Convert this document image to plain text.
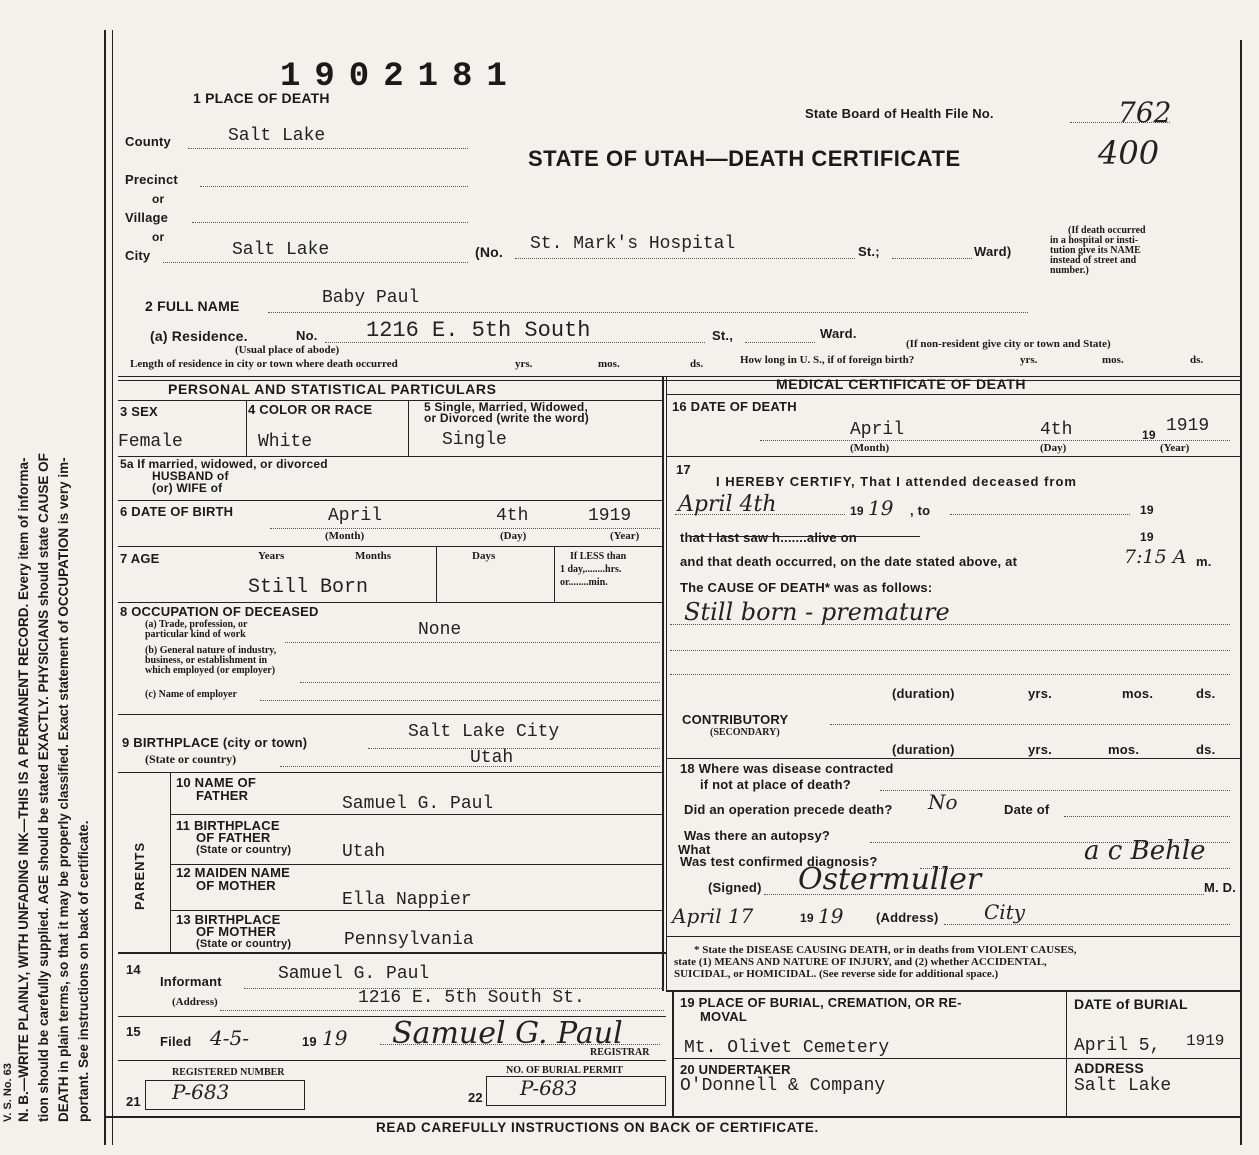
N. B.—WRITE PLAINLY, WITH UNFADING INK—THIS IS A PERMANENT RECORD. Every item of informa- tion should be carefully supplied. AGE should be stated EXACTLY. PHYSICIANS should state CAUSE OF DEATH in plain terms, so that it may be properly classified. Exact statement of OCCUPATION is very im- portant. See instructions on back of certificate.
V. S. No. 63
1902181
1 PLACE OF DEATH
State Board of Health File No.	762
400
STATE OF UTAH—DEATH CERTIFICATE
County	Salt Lake
Precinct
or
Village
or
City	Salt Lake	(No. St. Mark's Hospital	St.;	Ward)
(If death occurred
in a hospital or insti-
tution give its NAME
instead of street and
number.)
2 FULL NAME	Baby Paul
(a) Residence.	No. 1216 E. 5th South	St.,	Ward.
(If non-resident give city or town and State)
(Usual place of abode)
Length of residence in city or town where death occurred	yrs.	mos.	ds.	How long in U. S., if of foreign birth?	yrs.	mos.	ds.
PERSONAL AND STATISTICAL PARTICULARS
3 SEX
Female
4 COLOR OR RACE
White
5 Single, Married, Widowed,
or Divorced (write the word)
Single
5a If married, widowed, or divorced
HUSBAND of
(or) WIFE of
6 DATE OF BIRTH	April	4th	1919
(Month)	(Day)	(Year)
7 AGE	Years	Months	Days	If LESS than
1 day,........hrs.
or........min.
Still Born
8 OCCUPATION OF DECEASED
(a) Trade, profession, or
particular kind of work	None
(b) General nature of industry,
business, or establishment in
which employed (or employer)
(c) Name of employer
9 BIRTHPLACE (city or town)
Salt Lake City
(State or country)	Utah
PARENTS
10 NAME OF
FATHER	Samuel G. Paul
11 BIRTHPLACE
OF FATHER
(State or country)	Utah
12 MAIDEN NAME
OF MOTHER
Ella Nappier
13 BIRTHPLACE
OF MOTHER
(State or country)	Pennsylvania
14
Informant	Samuel G. Paul
(Address)	1216 E. 5th South St.
15
Filed 4-5-	19 19 Samuel G. Paul
REGISTRAR
REGISTERED NUMBER
21 P-683
NO. OF BURIAL PERMIT
22 P-683
MEDICAL CERTIFICATE OF DEATH
16 DATE OF DEATH
April	4th	19 1919
(Month)	(Day)	(Year)
17
I HEREBY CERTIFY, That I attended deceased from
April 4th	19 19 , to	19
that I last saw h.......alive on	19
and that death occurred, on the date stated above, at	7:15 A m.
The CAUSE OF DEATH* was as follows:
Still born - premature
(duration)	yrs.	mos.	ds.
CONTRIBUTORY
(SECONDARY)
(duration)	yrs.	mos.	ds.
18 Where was disease contracted
if not at place of death?
Did an operation precede death? No	Date of
Was there an autopsy?
What
Was test confirmed diagnosis?	a c Behle
(Signed) Ostermuller	M. D.
April 17	19 19	(Address) City
* State the DISEASE CAUSING DEATH, or in deaths from VIOLENT CAUSES,
state (1) MEANS AND NATURE OF INJURY, and (2) whether ACCIDENTAL,
SUICIDAL, or HOMICIDAL. (See reverse side for additional space.)
19 PLACE OF BURIAL, CREMATION, OR RE-
MOVAL
Mt. Olivet Cemetery
DATE of BURIAL
April 5, 1919
20 UNDERTAKER
O'Donnell & Company
ADDRESS
Salt Lake
READ CAREFULLY INSTRUCTIONS ON BACK OF CERTIFICATE.
